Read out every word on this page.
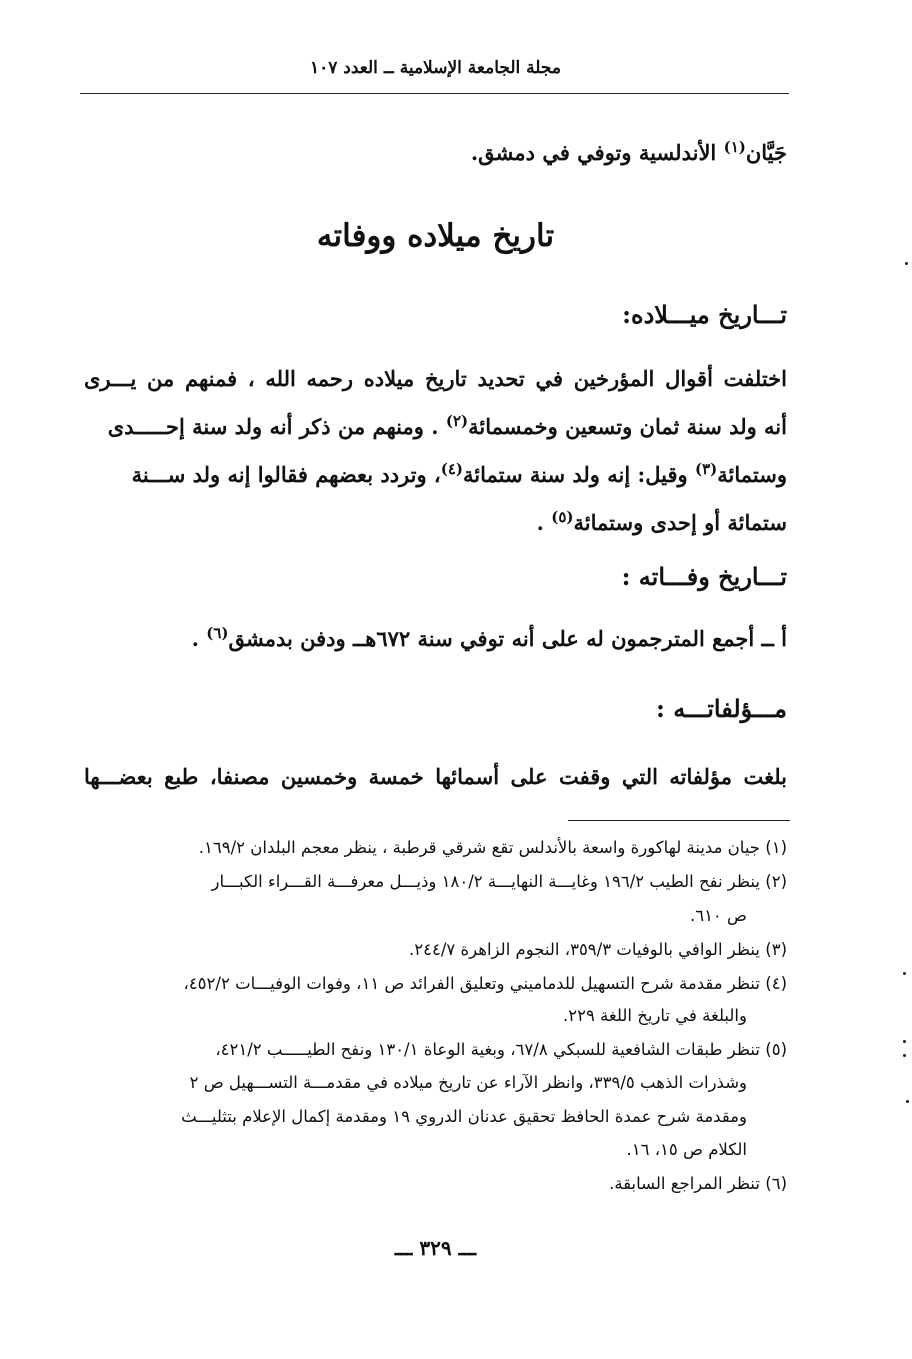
مجلة الجامعة الإسلامية ــ العدد ١٠٧
جَيَّان$^{(١)}$ الأندلسية وتوفي في دمشق.
تاريخ ميلاده ووفاته
تـــاريخ ميـــلاده:
اختلفت أقوال المؤرخين في تحديد تاريخ ميلاده رحمه الله ، فمنهم من يـــرى
أنه ولد سنة ثمان وتسعين وخمسمائة$^{(٢)}$ . ومنهم من ذكر أنه ولد سنة إحـــــدى
وستمائة$^{(٣)}$ وقيل: إنه ولد سنة ستمائة$^{(٤)}$، وتردد بعضهم فقالوا إنه ولد ســـنة
ستمائة أو إحدى وستمائة$^{(٥)}$ .
تـــاريخ وفـــاته :
أ ــ أجمع المترجمون له على أنه توفي سنة ٦٧٢هــ ودفن بدمشق$^{(٦)}$ .
مـــؤلفاتـــه :
بلغت مؤلفاته التي وقفت على أسمائها خمسة وخمسين مصنفا، طبع بعضـــها
(١) جيان مدينة لهاكورة واسعة بالأندلس تقع شرقي قرطبة ، ينظر معجم البلدان ١٦٩/٢.
(٢) ينظر نفح الطيب ١٩٦/٢ وغايـــة النهايـــة ١٨٠/٢ وذيـــل معرفـــة القـــراء الكبـــار
ص ٦١٠.
(٣) ينظر الوافي بالوفيات ٣٥٩/٣، النجوم الزاهرة ٢٤٤/٧.
(٤) تنظر مقدمة شرح التسهيل للدماميني وتعليق الفرائد ص ١١، وفوات الوفيـــات ٤٥٢/٢،
والبلغة في تاريخ اللغة ٢٢٩.
(٥) تنظر طبقات الشافعية للسبكي ٦٧/٨، وبغية الوعاة ١٣٠/١ ونفح الطيـــــب ٤٢١/٢،
وشذرات الذهب ٣٣٩/٥، وانظر الآراء عن تاريخ ميلاده في مقدمـــة التســـهيل ص ٢
ومقدمة شرح عمدة الحافظ تحقيق عدنان الدروي ١٩ ومقدمة إكمال الإعلام بتثليـــث
الكلام ص ١٥، ١٦.
(٦) تنظر المراجع السابقة.
ـــ ٣٢٩ ـــ
